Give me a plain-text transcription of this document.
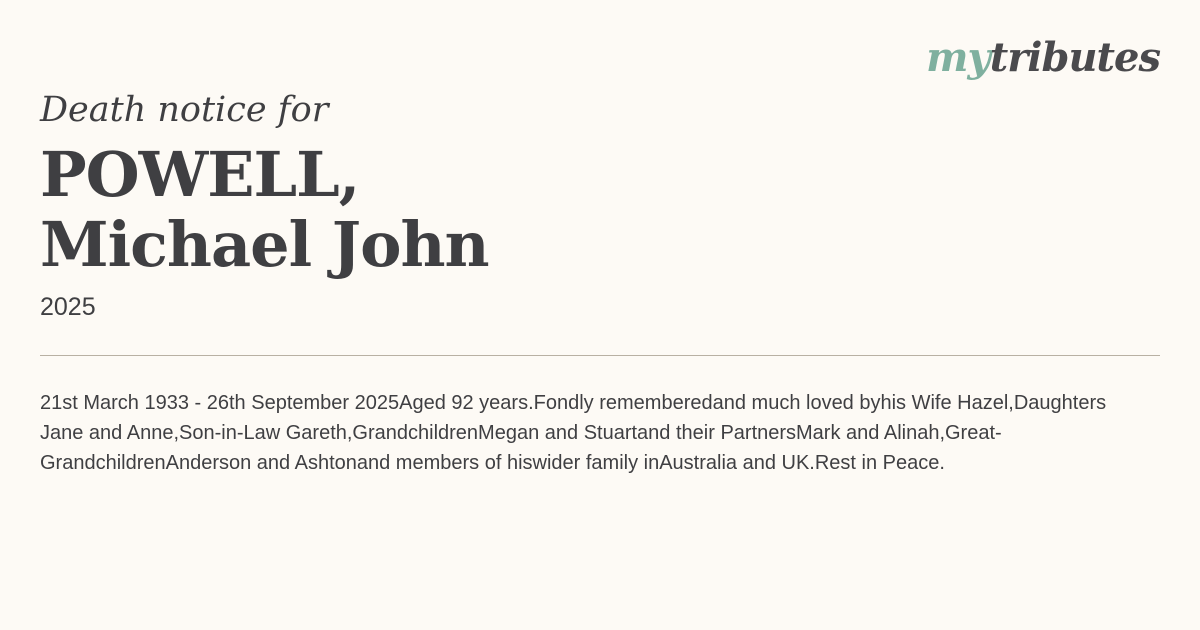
mytributes
Death notice for
POWELL,
Michael John
2025
21st March 1933 - 26th September 2025Aged 92 years.Fondly rememberedand much loved byhis Wife Hazel,Daughters
Jane and Anne,Son-in-Law Gareth,GrandchildrenMegan and Stuartand their PartnersMark and Alinah,Great-
GrandchildrenAnderson and Ashtonand members of hiswider family inAustralia and UK.Rest in Peace.
